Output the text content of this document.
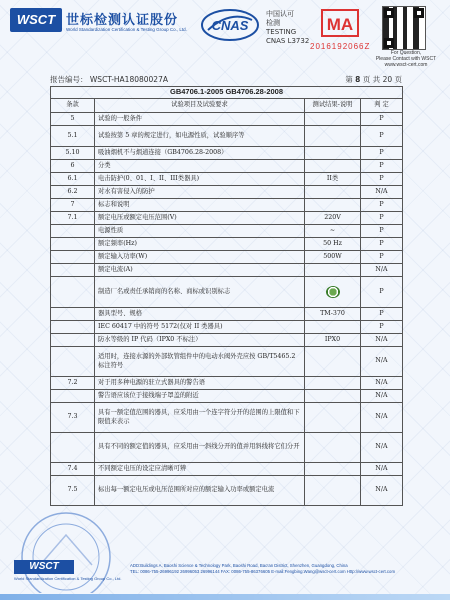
WSCT 世标检测认证股份
World Standardization Certification & Testing Group Co., Ltd. CNAS
中国认可
检测
TESTING
CNAS L3732
MA
2016192066Z
For Question,
Please Contact with WSCT
www.wsct-cert.com
报告编号： WSCT-HA18080027A	第 8 页 共 20 页
GB4706.1-2005 GB4706.28-2008			
条款	试验项目及试验要求	测试结果-说明	判 定
5	试验的一般条件		P
5.1	试验按第 5 章的规定进行，如电源性质，试验顺序等		P
5.10	吸油烟机不与烟道连接（GB4706.28-2008）		P
6	分类		P
6.1	电击防护(0、01、I、II、III类器具)	II类	P
6.2	对水有害侵入的防护		N/A
7	标志和说明		P
7.1	额定电压或额定电压范围(V)	220V	P
	电源性质	~	P
	额定频率(Hz)	50 Hz	P
	额定输入功率(W)	500W	P
	额定电流(A)		N/A
	制造厂名或责任承销商的名称、商标或识别标志		P
	器具型号、规格	TM-370	P
	IEC 60417 中的符号 5172(仅对 II 类器具)		P
	防水等级的 IP 代码（IPX0 不标注）	IPX0	N/A
	适用时，连接水源的外部软管组件中的电动水阀外壳应按 GB/T5465.2 标注符号		N/A
7.2	对于用多种电源的驻立式器具的警告语		N/A
	警告语应该位于接线端子罩盖的附近		N/A
7.3	具有一额定值范围的器具，应采用由一个连字符分开的范围的上限值和下限值来表示		N/A
	具有不同的额定值的器具，应采用由一斜线分开的值并用斜线将它们分开		N/A
7.4	不同额定电压的设定应清晰可辨		N/A
7.5	标出每一额定电压或电压范围所对应的额定输入功率或额定电流		N/A
WSCT
World Standardization Certification & Testing Group Co., Ltd.
ADD:Buildings A, Baoshi Science & Technology Park, Baoshi Road, Bao'an District, Shenzhen, Guangdong, China
TEL: 0086-755-26996192 26996053 26996144 FAX: 0086-755-86376605 E-mail:Fengbing.Wang@wsct-cert.com Http://www.wsct-cert.com
